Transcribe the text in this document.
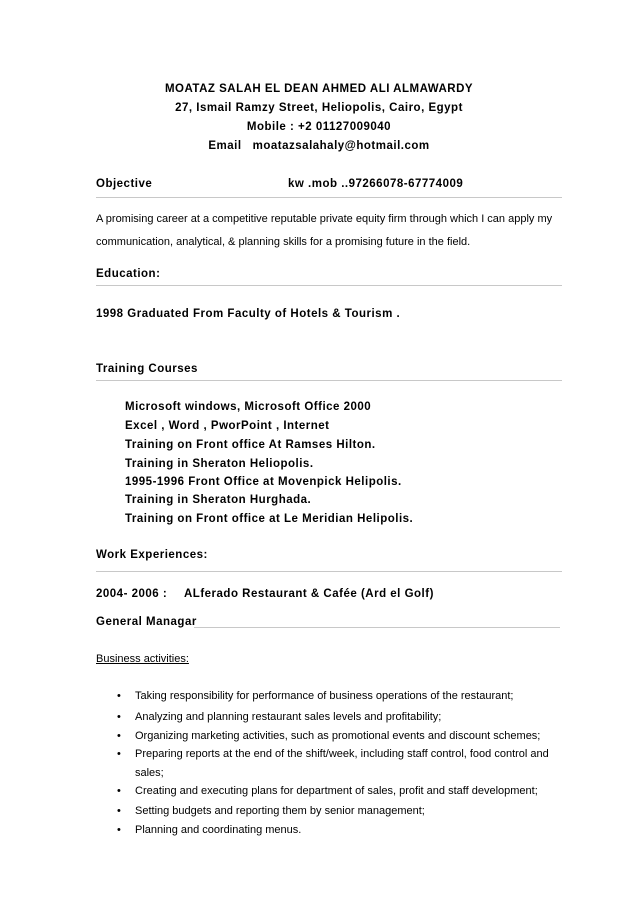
MOATAZ SALAH EL DEAN AHMED ALI ALMAWARDY
27, Ismail Ramzy Street, Heliopolis, Cairo, Egypt
Mobile : +2 01127009040
Email moatazsalahaly@hotmail.com
Objective	kw .mob ..97266078-67774009
A promising career at a competitive reputable private equity firm through which I can apply my
communication, analytical, & planning skills for a promising future in the field.
Education:
1998 Graduated From Faculty of Hotels & Tourism .
Training Courses
Microsoft windows, Microsoft Office 2000
Excel , Word , PworPoint , Internet
Training on Front office At Ramses Hilton.
Training in Sheraton Heliopolis.
1995-1996 Front Office at Movenpick Helipolis.
Training in Sheraton Hurghada.
Training on Front office at Le Meridian Helipolis.
Work Experiences:
2004- 2006 : ALferado Restaurant & Cafée (Ard el Golf)
General Managar
Business activities:
• Taking responsibility for performance of business operations of the restaurant;
• Analyzing and planning restaurant sales levels and profitability;
• Organizing marketing activities, such as promotional events and discount schemes;
• Preparing reports at the end of the shift/week, including staff control, food control and
sales;
• Creating and executing plans for department of sales, profit and staff development;
• Setting budgets and reporting them by senior management;
• Planning and coordinating menus.
